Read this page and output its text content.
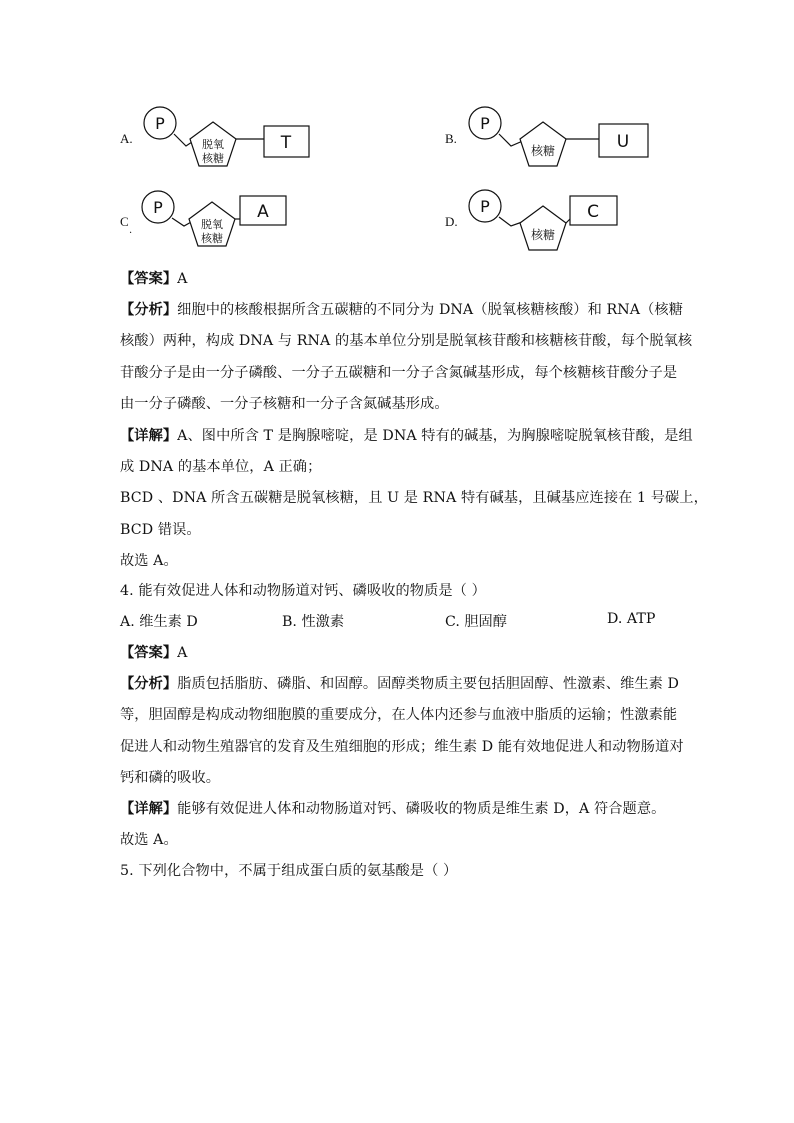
A.
P
脱氧
核糖
T	B.
P
核糖	U
C
.
P
脱氧
核糖
A	D.
P
核糖
C
【答案】A
【分析】细胞中的核酸根据所含五碳糖的不同分为 DNA（脱氧核糖核酸）和 RNA（核糖
核酸）两种，构成 DNA 与 RNA 的基本单位分别是脱氧核苷酸和核糖核苷酸，每个脱氧核
苷酸分子是由一分子磷酸、一分子五碳糖和一分子含氮碱基形成，每个核糖核苷酸分子是
由一分子磷酸、一分子核糖和一分子含氮碱基形成。
【详解】A、图中所含 T 是胸腺嘧啶，是 DNA 特有的碱基，为胸腺嘧啶脱氧核苷酸，是组
成 DNA 的基本单位，A 正确；
BCD 、DNA 所含五碳糖是脱氧核糖，且 U 是 RNA 特有碱基，且碱基应连接在 1 号碳上，
BCD 错误。
故选 A。
4. 能有效促进人体和动物肠道对钙、磷吸收的物质是（ ）
A. 维生素 D	B. 性激素	C. 胆固醇	D. ATP
【答案】A
【分析】脂质包括脂肪、磷脂、和固醇。固醇类物质主要包括胆固醇、性激素、维生素 D
等，胆固醇是构成动物细胞膜的重要成分，在人体内还参与血液中脂质的运输；性激素能
促进人和动物生殖器官的发育及生殖细胞的形成；维生素 D 能有效地促进人和动物肠道对
钙和磷的吸收。
【详解】能够有效促进人体和动物肠道对钙、磷吸收的物质是维生素 D，A 符合题意。
故选 A。
5. 下列化合物中，不属于组成蛋白质的氨基酸是（ ）
